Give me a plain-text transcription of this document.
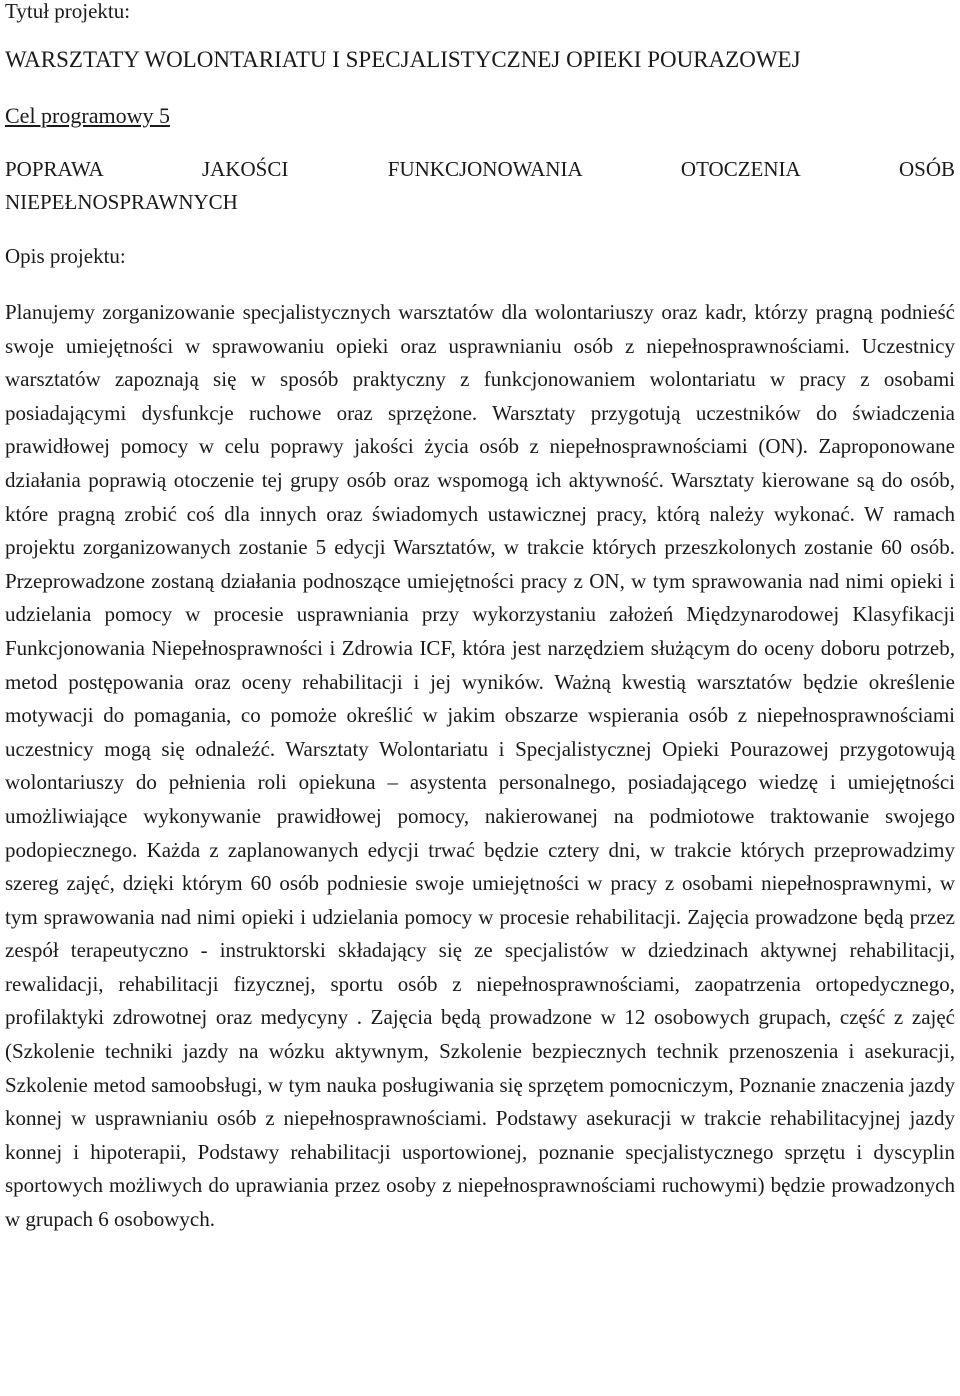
Tytuł projektu:

WARSZTATY WOLONTARIATU I SPECJALISTYCZNEJ OPIEKI POURAZOWEJ

Cel programowy 5

POPRAWA JAKOŚCI FUNKCJONOWANIA OTOCZENIA OSÓB

NIEPEŁNOSPRAWNYCH

Opis projektu:

Planujemy zorganizowanie specjalistycznych warsztatów dla wolontariuszy oraz kadr, którzy pragną podnieść swoje umiejętności w sprawowaniu opieki oraz usprawnianiu osób z niepełnosprawnościami. Uczestnicy warsztatów zapoznają się w sposób praktyczny z funkcjonowaniem wolontariatu w pracy z osobami posiadającymi dysfunkcje ruchowe oraz sprzężone. Warsztaty przygotują uczestników do świadczenia prawidłowej pomocy w celu poprawy jakości życia osób z niepełnosprawnościami (ON). Zaproponowane działania poprawią otoczenie tej grupy osób oraz wspomogą ich aktywność. Warsztaty kierowane są do osób, które pragną zrobić coś dla innych oraz świadomych ustawicznej pracy, którą należy wykonać. W ramach projektu zorganizowanych zostanie 5 edycji Warsztatów, w trakcie których przeszkolonych zostanie 60 osób. Przeprowadzone zostaną działania podnoszące umiejętności pracy z ON, w tym sprawowania nad nimi opieki i udzielania pomocy w procesie usprawniania przy wykorzystaniu założeń Międzynarodowej Klasyfikacji Funkcjonowania Niepełnosprawności i Zdrowia ICF, która jest narzędziem służącym do oceny doboru potrzeb, metod postępowania oraz oceny rehabilitacji i jej wyników. Ważną kwestią warsztatów będzie określenie motywacji do pomagania, co pomoże określić w jakim obszarze wspierania osób z niepełnosprawnościami uczestnicy mogą się odnaleźć. Warsztaty Wolontariatu i Specjalistycznej Opieki Pourazowej przygotowują wolontariuszy do pełnienia roli opiekuna – asystenta personalnego, posiadającego wiedzę i umiejętności umożliwiające wykonywanie prawidłowej pomocy, nakierowanej na podmiotowe traktowanie swojego podopiecznego. Każda z zaplanowanych edycji trwać będzie cztery dni, w trakcie których przeprowadzimy szereg zajęć, dzięki którym 60 osób podniesie swoje umiejętności w pracy z osobami niepełnosprawnymi, w tym sprawowania nad nimi opieki i udzielania pomocy w procesie rehabilitacji. Zajęcia prowadzone będą przez zespół terapeutyczno - instruktorski składający się ze specjalistów w dziedzinach aktywnej rehabilitacji, rewalidacji, rehabilitacji fizycznej, sportu osób z niepełnosprawnościami, zaopatrzenia ortopedycznego, profilaktyki zdrowotnej oraz medycyny . Zajęcia będą prowadzone w 12 osobowych grupach, część z zajęć (Szkolenie techniki jazdy na wózku aktywnym, Szkolenie bezpiecznych technik przenoszenia i asekuracji, Szkolenie metod samoobsługi, w tym nauka posługiwania się sprzętem pomocniczym, Poznanie znaczenia jazdy konnej w usprawnianiu osób z niepełnosprawnościami. Podstawy asekuracji w trakcie rehabilitacyjnej jazdy konnej i hipoterapii, Podstawy rehabilitacji usportowionej, poznanie specjalistycznego sprzętu i dyscyplin sportowych możliwych do uprawiania przez osoby z niepełnosprawnościami ruchowymi) będzie prowadzonych w grupach 6 osobowych.
